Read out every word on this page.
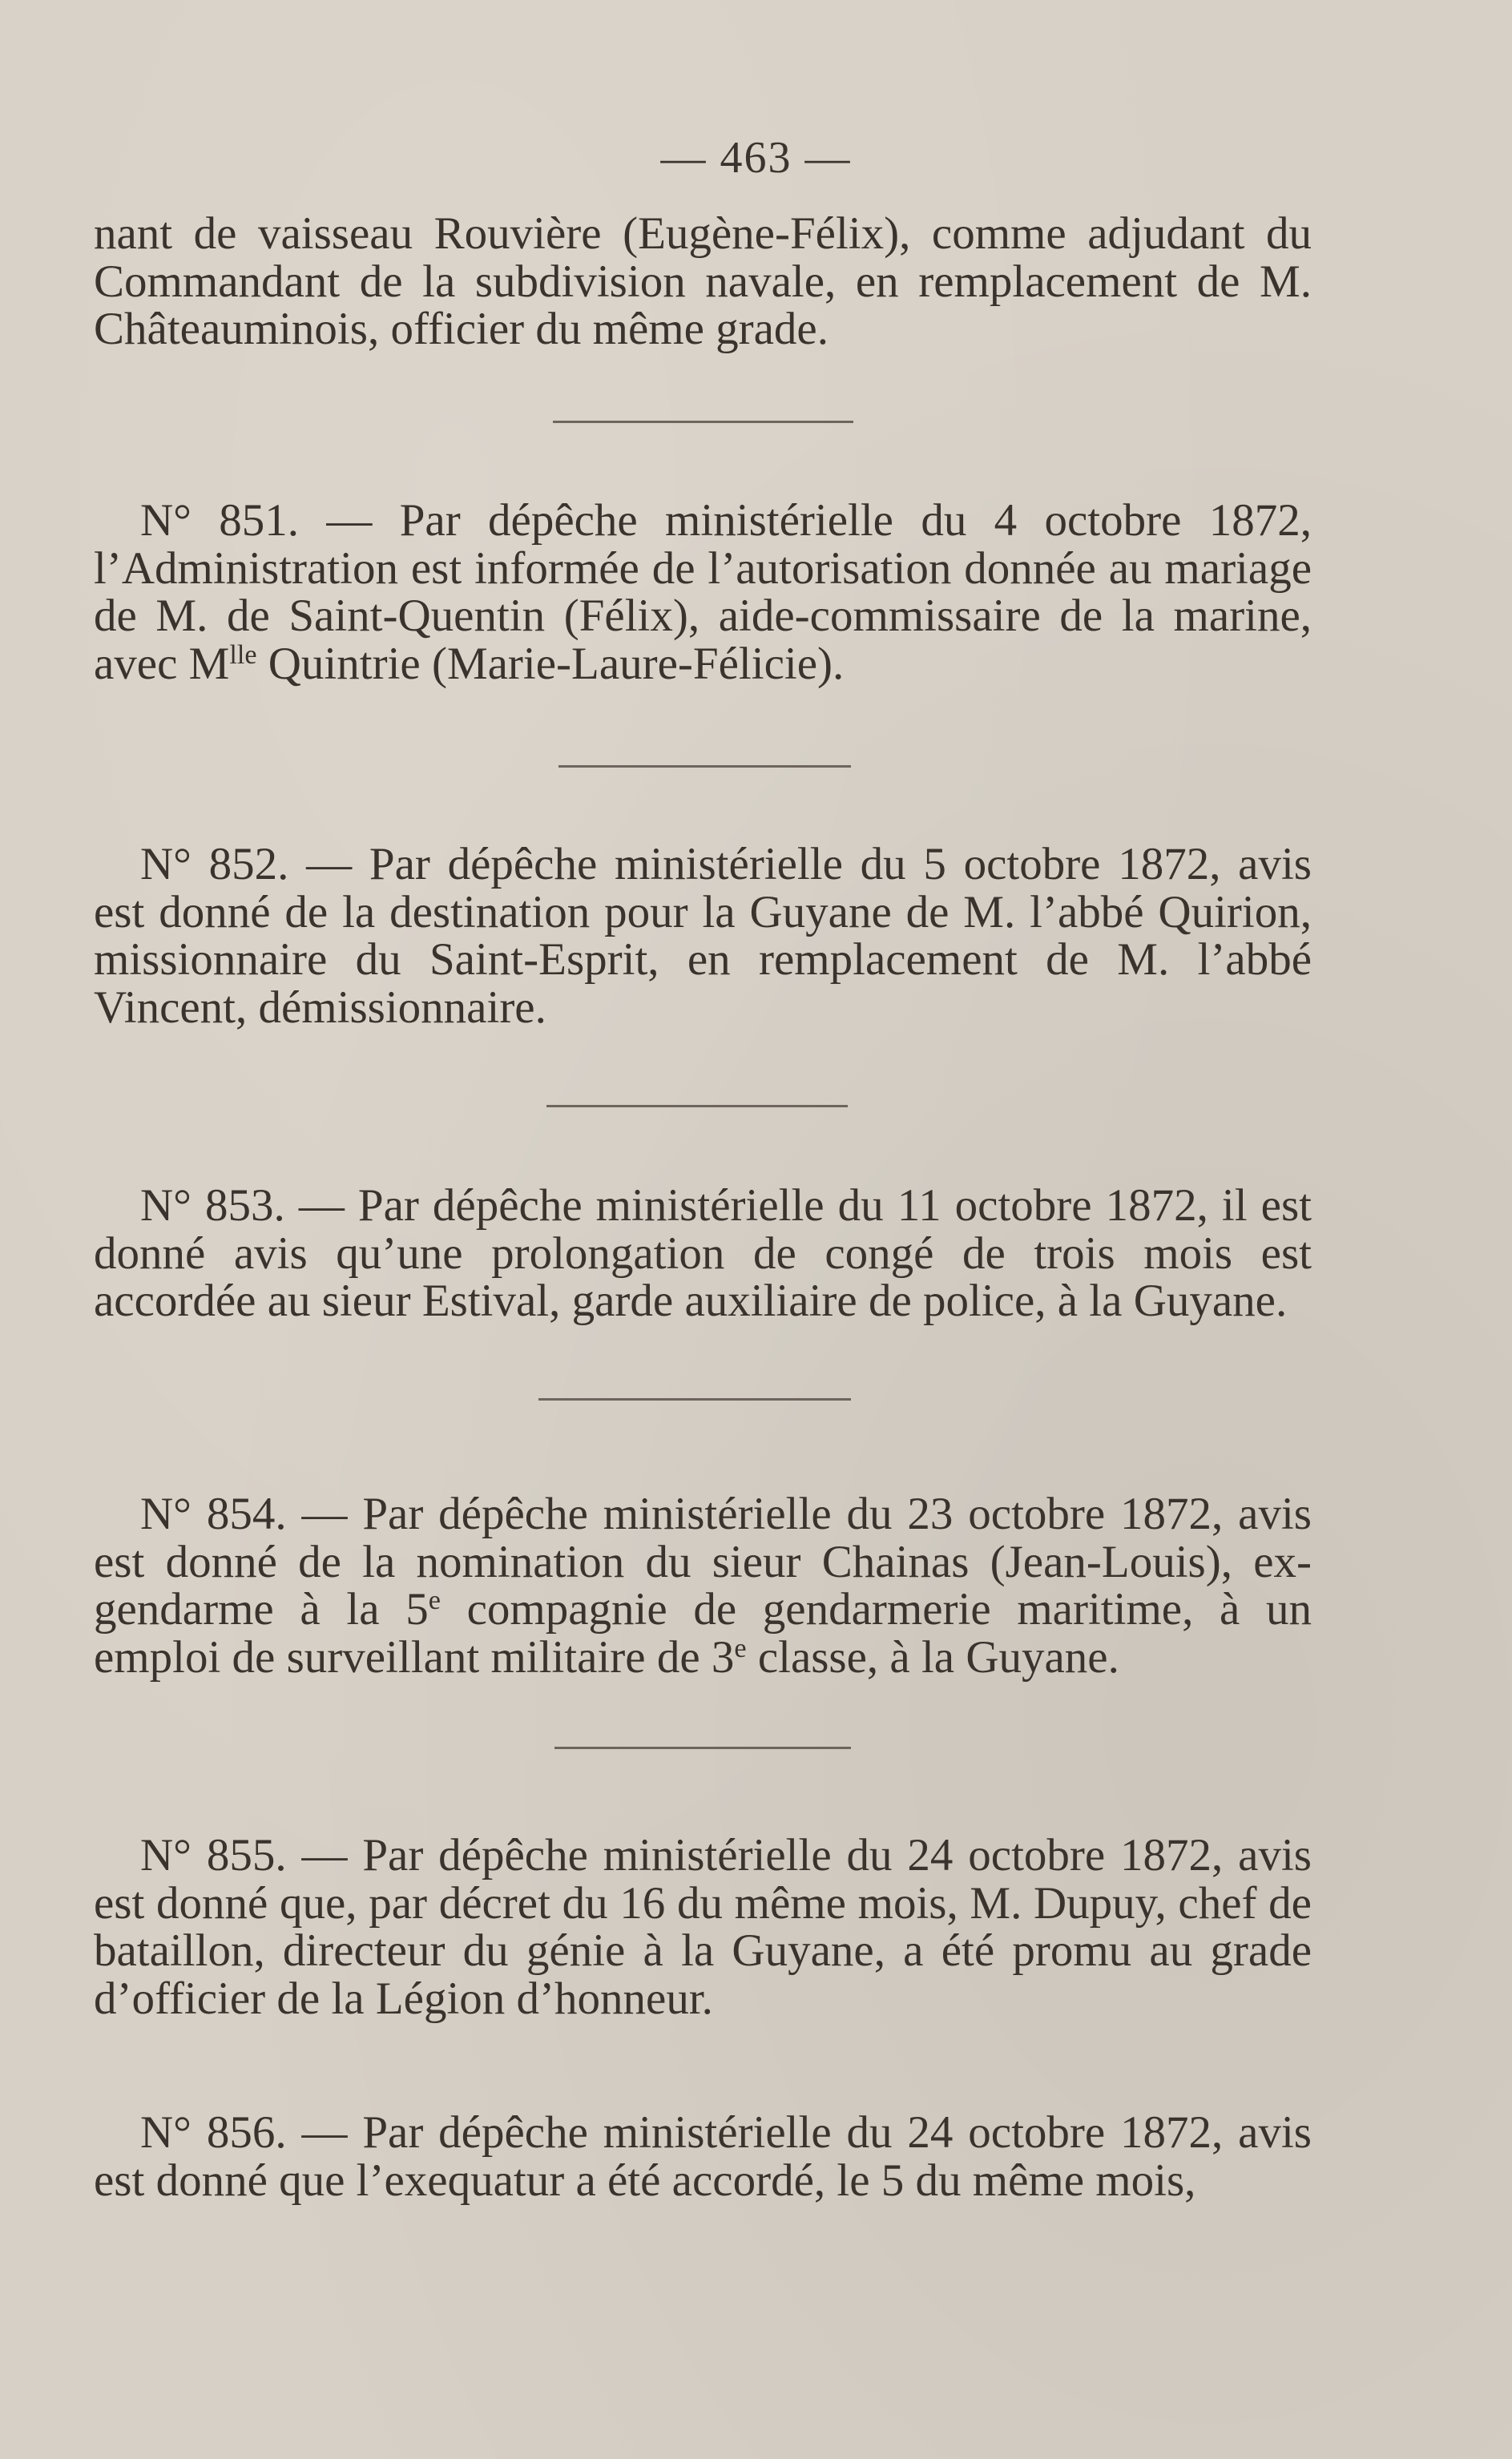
— 463 —

nant de vaisseau Rouvière (Eugène-Félix), comme adjudant du Commandant de la subdivision navale, en remplacement de M. Châteauminois, officier du même grade.

N° 851. — Par dépêche ministérielle du 4 octobre 1872, l’Administration est informée de l’autorisation donnée au mariage de M. de Saint-Quentin (Félix), aide-commissaire de la marine, avec $M^{lle}$ Quintrie (Marie-Laure-Félicie).

N° 852. — Par dépêche ministérielle du 5 octobre 1872, avis est donné de la destination pour la Guyane de M. l’abbé Quirion, missionnaire du Saint-Esprit, en remplacement de M. l’abbé Vincent, démissionnaire.

N° 853. — Par dépêche ministérielle du 11 octobre 1872, il est donné avis qu’une prolongation de congé de trois mois est accordée au sieur Estival, garde auxiliaire de police, à la Guyane.

N° 854. — Par dépêche ministérielle du 23 octobre 1872, avis est donné de la nomination du sieur Chainas (Jean-Louis), ex-gendarme à la 5e compagnie de gendarmerie maritime, à un emploi de surveillant militaire de 3e classe, à la Guyane.

N° 855. — Par dépêche ministérielle du 24 octobre 1872, avis est donné que, par décret du 16 du même mois, M. Dupuy, chef de bataillon, directeur du génie à la Guyane, a été promu au grade d’officier de la Légion d’honneur.

N° 856. — Par dépêche ministérielle du 24 octobre 1872, avis est donné que l’exequatur a été accordé, le 5 du même mois,
